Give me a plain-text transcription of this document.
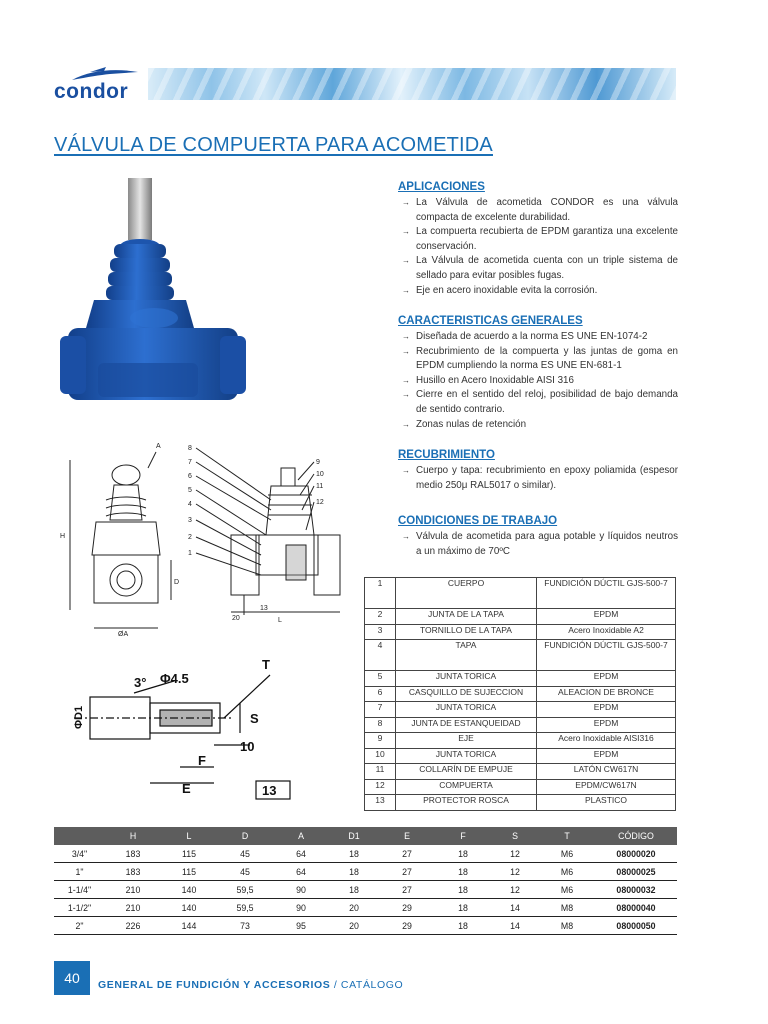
condor
VÁLVULA DE COMPUERTA PARA ACOMETIDA
8
7
6
5
4
3
2
1
9
10
11
12
A
H
D
ØA
L
20
13
3° Φ4.5
T
ΦD1	S
10
F
E	13
APLICACIONES
→ La Válvula de acometida CONDOR es una válvula compacta de excelente durabilidad.
→ La compuerta recubierta de EPDM garantiza una excelente conservación.
→ La Válvula de acometida cuenta con un triple sistema de sellado para evitar posibles fugas.
→ Eje en acero inoxidable evita la corrosión.
CARACTERISTICAS GENERALES
→ Diseñada de acuerdo a la norma ES UNE EN-1074-2
→ Recubrimiento de la compuerta y las juntas de goma en EPDM cumpliendo la norma ES UNE EN-681-1
→ Husillo en Acero Inoxidable AISI 316
→ Cierre en el sentido del reloj, posibilidad de bajo demanda de sentido contrario.
→ Zonas nulas de retención
RECUBRIMIENTO
→ Cuerpo y tapa: recubrimiento en epoxy poliamida (espesor medio 250μ RAL5017 o similar).
CONDICIONES DE TRABAJO
→ Válvula de acometida para agua potable y líquidos neutros a un máximo de 70ºC
1	CUERPO	FUNDICIÓN DÚCTIL GJS-500-7
2	JUNTA DE LA TAPA	EPDM
3	TORNILLO DE LA TAPA	Acero Inoxidable A2
4	TAPA	FUNDICIÓN DÚCTIL GJS-500-7
5	JUNTA TORICA	EPDM
6	CASQUILLO DE SUJECCION	ALEACION DE BRONCE
7	JUNTA TORICA	EPDM
8	JUNTA DE ESTANQUEIDAD	EPDM
9	EJE	Acero Inoxidable AISI316
10	JUNTA TORICA	EPDM
11	COLLARÍN DE EMPUJE	LATÓN CW617N
12	COMPUERTA	EPDM/CW617N
13	PROTECTOR ROSCA	PLASTICO
	H	L	D	A	D1	E	F	S	T	CÓDIGO
3/4"	183	115	45	64	18	27	18	12	M6	08000020
1"	183	115	45	64	18	27	18	12	M6	08000025
1-1/4"	210	140	59,5	90	18	27	18	12	M6	08000032
1-1/2"	210	140	59,5	90	20	29	18	14	M8	08000040
2"	226	144	73	95	20	29	18	14	M8	08000050
40	GENERAL DE FUNDICIÓN Y ACCESORIOS / CATÁLOGO
